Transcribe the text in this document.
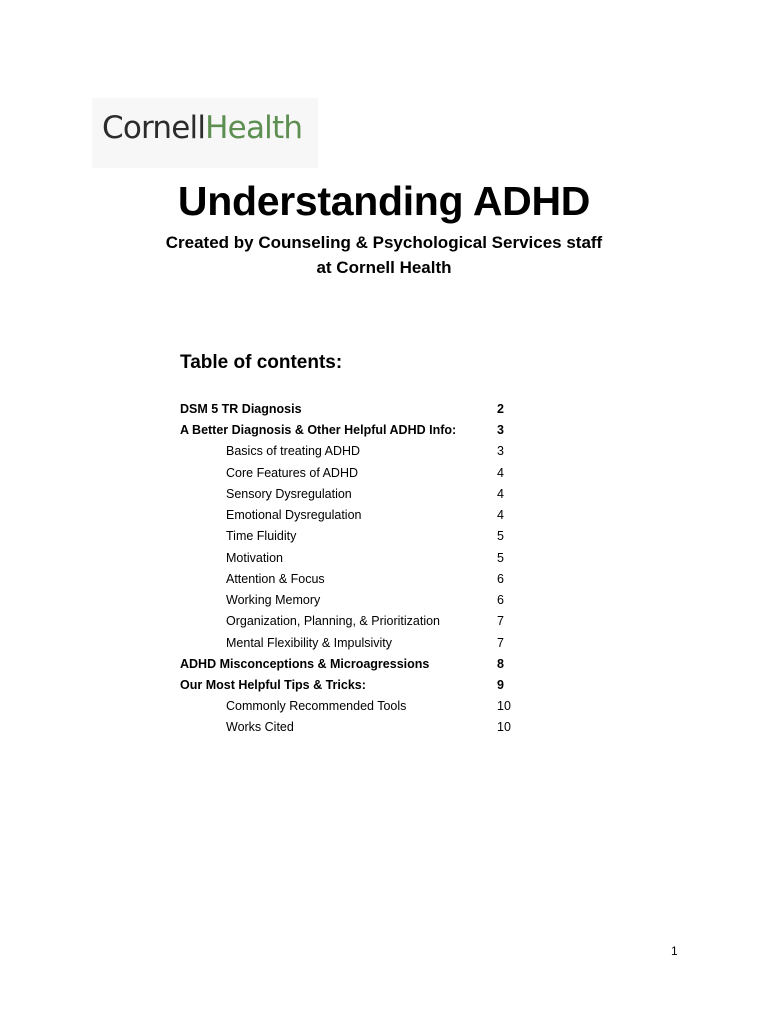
CornellHealth
Understanding ADHD
Created by Counseling & Psychological Services staff
at Cornell Health
Table of contents:
DSM 5 TR Diagnosis	2
A Better Diagnosis & Other Helpful ADHD Info:	3
Basics of treating ADHD	3
Core Features of ADHD	4
Sensory Dysregulation	4
Emotional Dysregulation	4
Time Fluidity	5
Motivation	5
Attention & Focus	6
Working Memory	6
Organization, Planning, & Prioritization	7
Mental Flexibility & Impulsivity	7
ADHD Misconceptions & Microagressions	8
Our Most Helpful Tips & Tricks:	9
Commonly Recommended Tools	10
Works Cited	10
1
